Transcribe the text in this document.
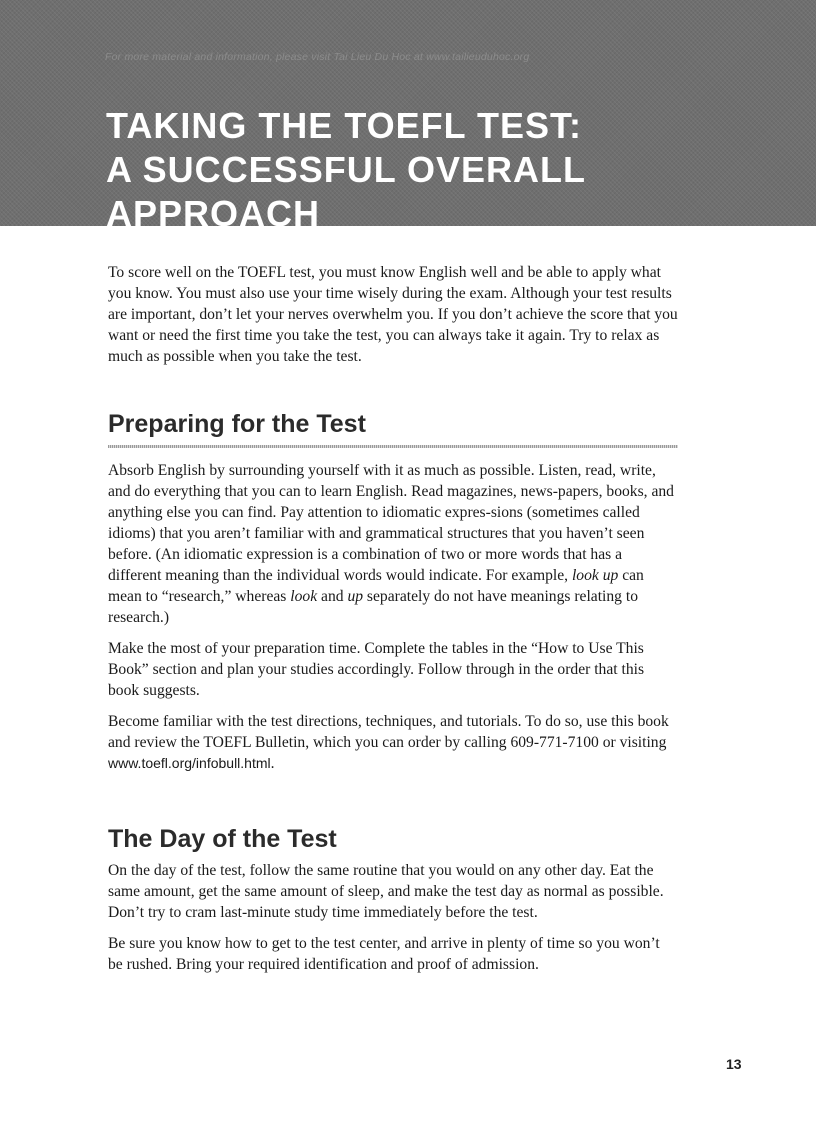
For more material and information, please visit Tai Lieu Du Hoc at www.tailieuduhoc.org
TAKING THE TOEFL TEST:
A SUCCESSFUL OVERALL
APPROACH

To score well on the TOEFL test, you must know English well and be able to apply what you know. You must also use your time wisely during the exam. Although your test results are important, don’t let your nerves overwhelm you. If you don’t achieve the score that you want or need the first time you take the test, you can always take it again. Try to relax as much as possible when you take the test.

Preparing for the Test

Absorb English by surrounding yourself with it as much as possible. Listen, read, write, and do everything that you can to learn English. Read magazines, news-papers, books, and anything else you can find. Pay attention to idiomatic expres-sions (sometimes called idioms) that you aren’t familiar with and grammatical structures that you haven’t seen before. (An idiomatic expression is a combination of two or more words that has a different meaning than the individual words would indicate. For example, look up can mean to “research,” whereas look and up separately do not have meanings relating to research.)

Make the most of your preparation time. Complete the tables in the “How to Use This Book” section and plan your studies accordingly. Follow through in the order that this book suggests.

Become familiar with the test directions, techniques, and tutorials. To do so, use this book and review the TOEFL Bulletin, which you can order by calling 609-771-7100 or visiting www.toefl.org/infobull.html.

The Day of the Test

On the day of the test, follow the same routine that you would on any other day. Eat the same amount, get the same amount of sleep, and make the test day as normal as possible. Don’t try to cram last-minute study time immediately before the test.

Be sure you know how to get to the test center, and arrive in plenty of time so you won’t be rushed. Bring your required identification and proof of admission.

13
